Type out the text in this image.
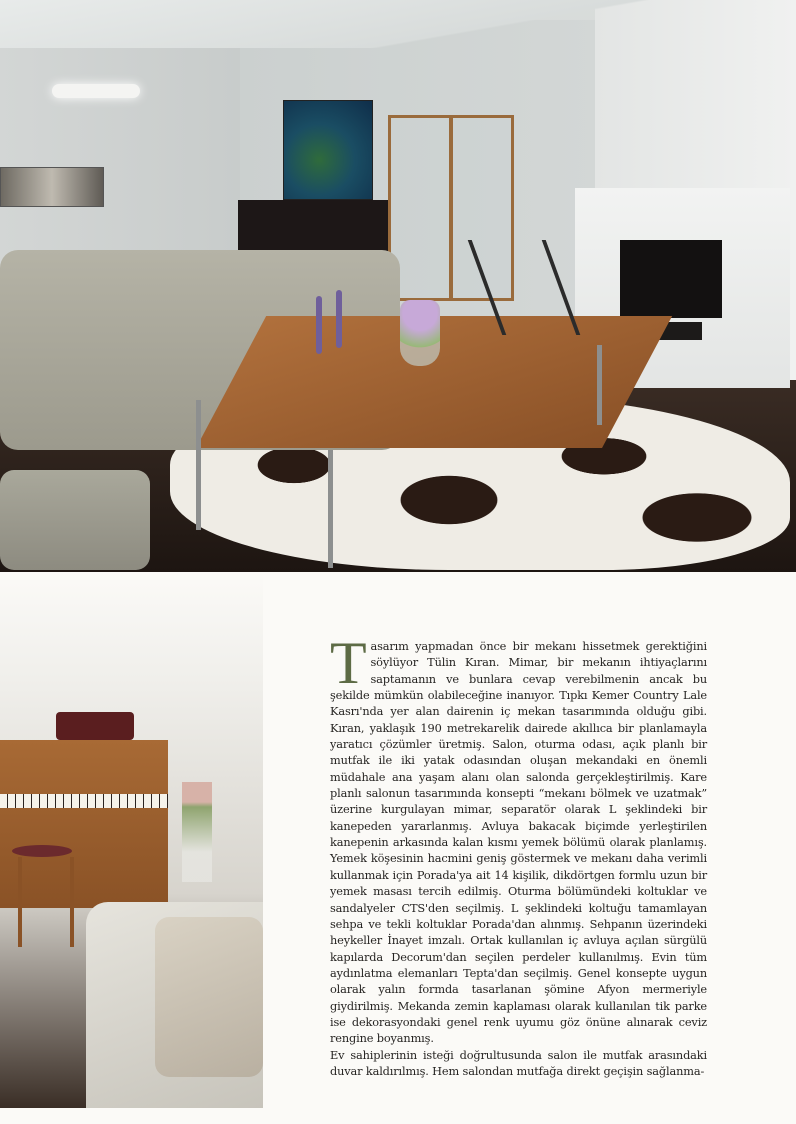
Tasarım yapmadan önce bir mekanı hissetmek gerektiğini söylüyor Tülin Kıran. Mimar, bir mekanın ihtiyaçlarını saptamanın ve bunlara cevap verebilmenin ancak bu şekilde mümkün olabileceğine inanıyor. Tıpkı Kemer Country Lale Kasrı'nda yer alan dairenin iç mekan tasarımında olduğu gibi. Kıran, yaklaşık 190 metrekarelik dairede akıllıca bir planlamayla yaratıcı çözümler üretmiş. Salon, oturma odası, açık planlı bir mutfak ile iki yatak odasından oluşan mekandaki en önemli müdahale ana yaşam alanı olan salonda gerçekleştirilmiş. Kare planlı salonun tasarımında konsepti “mekanı bölmek ve uzatmak” üzerine kurgulayan mimar, separatör olarak L şeklindeki bir kanepeden yararlanmış. Avluya bakacak biçimde yerleştirilen kanepenin arkasında kalan kısmı yemek bölümü olarak planlamış. Yemek köşesinin hacmini geniş göstermek ve mekanı daha verimli kullanmak için Porada'ya ait 14 kişilik, dikdörtgen formlu uzun bir yemek masası tercih edilmiş. Oturma bölümündeki koltuklar ve sandalyeler CTS'den seçilmiş. L şeklindeki koltuğu tamamlayan sehpa ve tekli koltuklar Porada'dan alınmış. Sehpanın üzerindeki heykeller İnayet imzalı. Ortak kullanılan iç avluya açılan sürgülü kapılarda Decorum'dan seçilen perdeler kullanılmış. Evin tüm aydınlatma elemanları Tepta'dan seçilmiş. Genel konsepte uygun olarak yalın formda tasarlanan şömine Afyon mermeriyle giydirilmiş. Mekanda zemin kaplaması olarak kullanılan tik parke ise dekorasyondaki genel renk uyumu göz önüne alınarak ceviz rengine boyanmış.

Ev sahiplerinin isteği doğrultusunda salon ile mutfak arasındaki duvar kaldırılmış. Hem salondan mutfağa direkt geçişin sağlanma-
